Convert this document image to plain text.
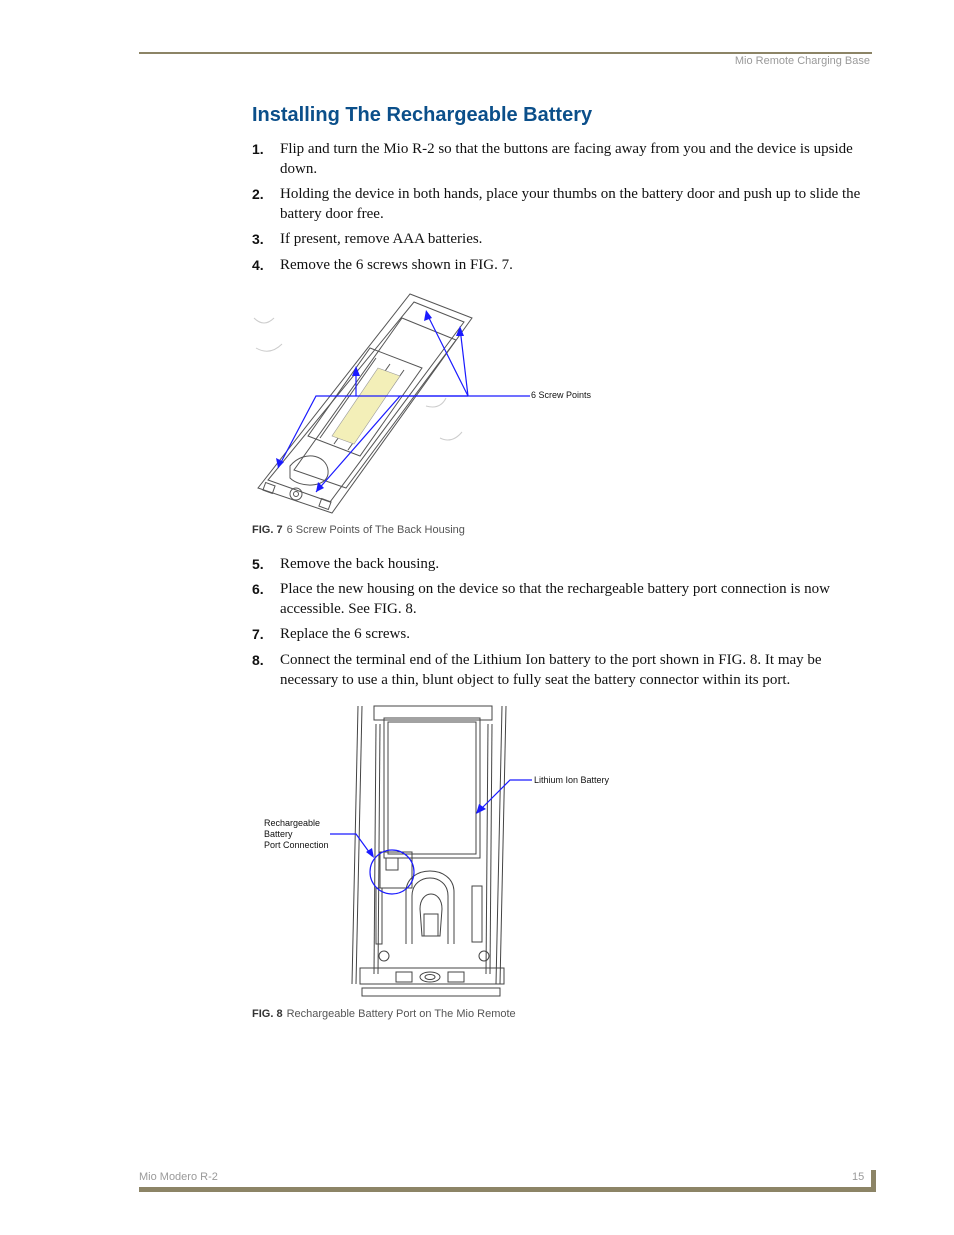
Mio Remote Charging Base
Installing The Rechargeable Battery
1. Flip and turn the Mio R-2 so that the buttons are facing away from you and the device is upside down.
2. Holding the device in both hands, place your thumbs on the battery door and push up to slide the battery door free.
3. If present, remove AAA batteries.
4. Remove the 6 screws shown in FIG. 7.
6 Screw Points
FIG. 7 6 Screw Points of The Back Housing
5. Remove the back housing.
6. Place the new housing on the device so that the rechargeable battery port connection is now accessible. See FIG. 8.
7. Replace the 6 screws.
8. Connect the terminal end of the Lithium Ion battery to the port shown in FIG. 8. It may be necessary to use a thin, blunt object to fully seat the battery connector within its port.
Lithium Ion Battery
Rechargeable
Battery
Port Connection
FIG. 8 Rechargeable Battery Port on The Mio Remote
Mio Modero R-2	15
